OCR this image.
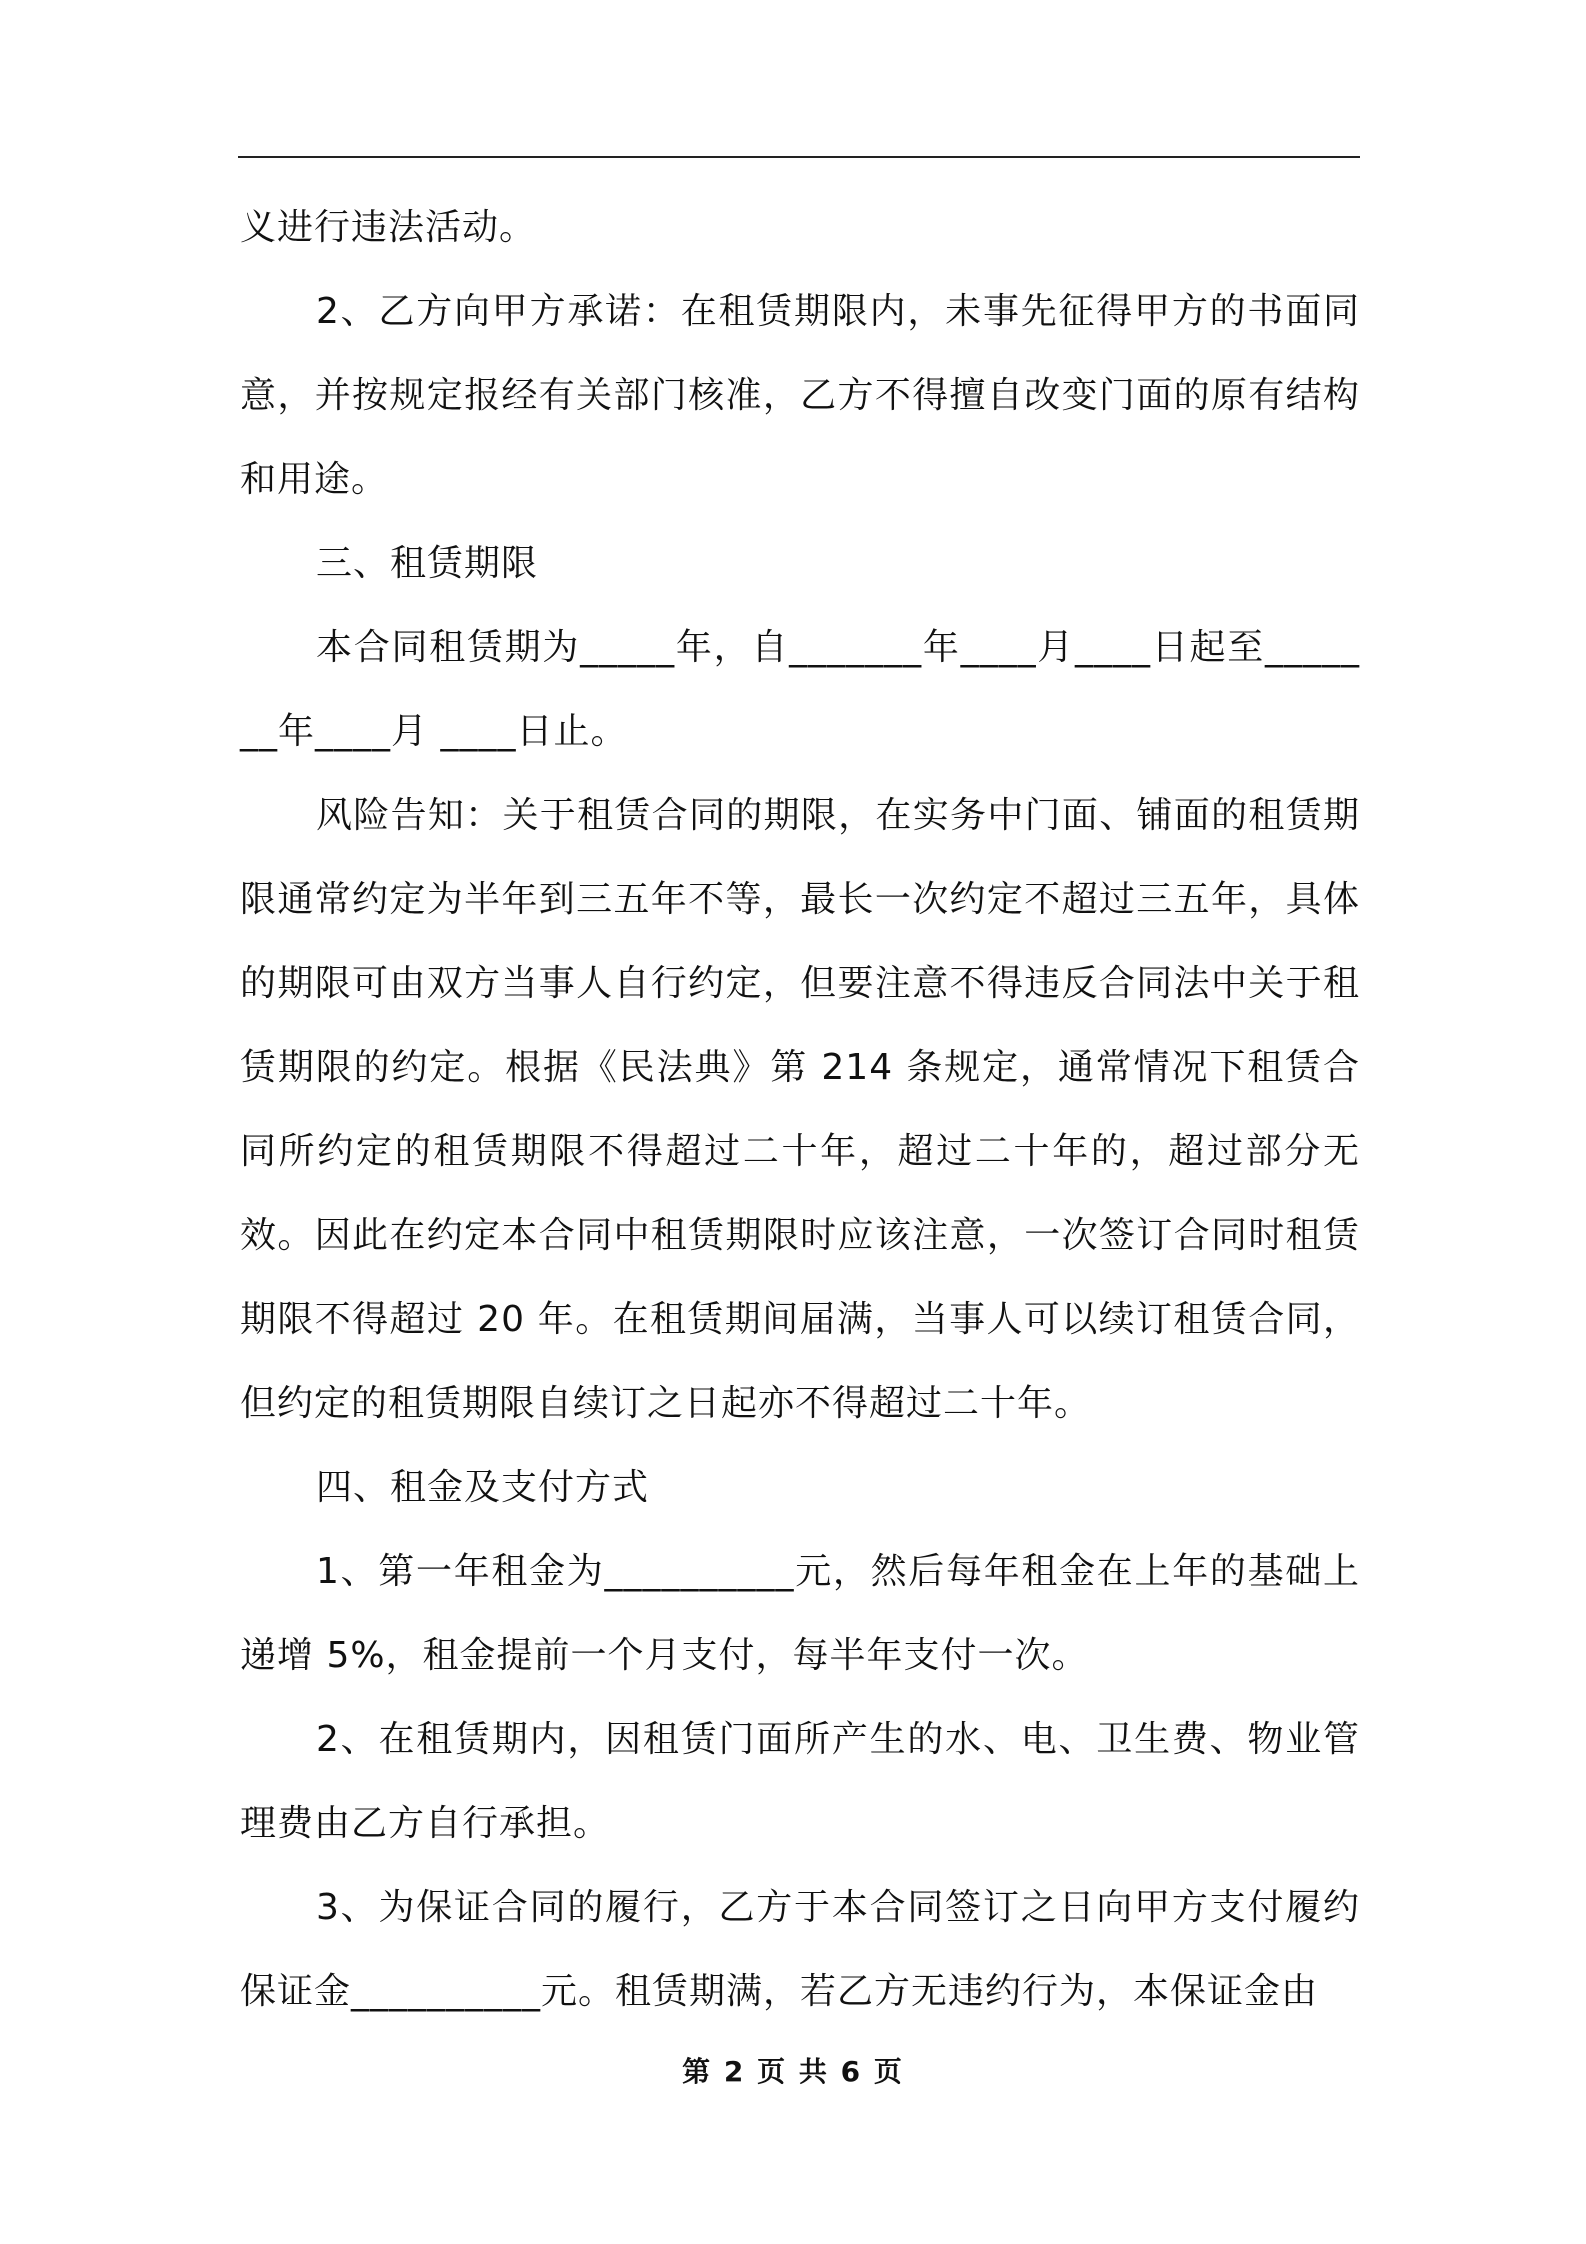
义进行违法活动。

2、乙方向甲方承诺：在租赁期限内，未事先征得甲方的书面同意，并按规定报经有关部门核准，乙方不得擅自改变门面的原有结构和用途。

三、租赁期限

本合同租赁期为_____年，自_______年____月____日起至_______年____月 ____日止。

风险告知：关于租赁合同的期限，在实务中门面、铺面的租赁期限通常约定为半年到三五年不等，最长一次约定不超过三五年，具体的期限可由双方当事人自行约定，但要注意不得违反合同法中关于租赁期限的约定。根据《民法典》第 214 条规定，通常情况下租赁合同所约定的租赁期限不得超过二十年，超过二十年的，超过部分无效。因此在约定本合同中租赁期限时应该注意，一次签订合同时租赁期限不得超过 20 年。在租赁期间届满，当事人可以续订租赁合同，但约定的租赁期限自续订之日起亦不得超过二十年。

四、租金及支付方式

1、第一年租金为__________元，然后每年租金在上年的基础上递增 5%，租金提前一个月支付，每半年支付一次。

2、在租赁期内，因租赁门面所产生的水、电、卫生费、物业管理费由乙方自行承担。

3、为保证合同的履行，乙方于本合同签订之日向甲方支付履约保证金__________元。租赁期满，若乙方无违约行为，本保证金由

第 2 页 共 6 页
